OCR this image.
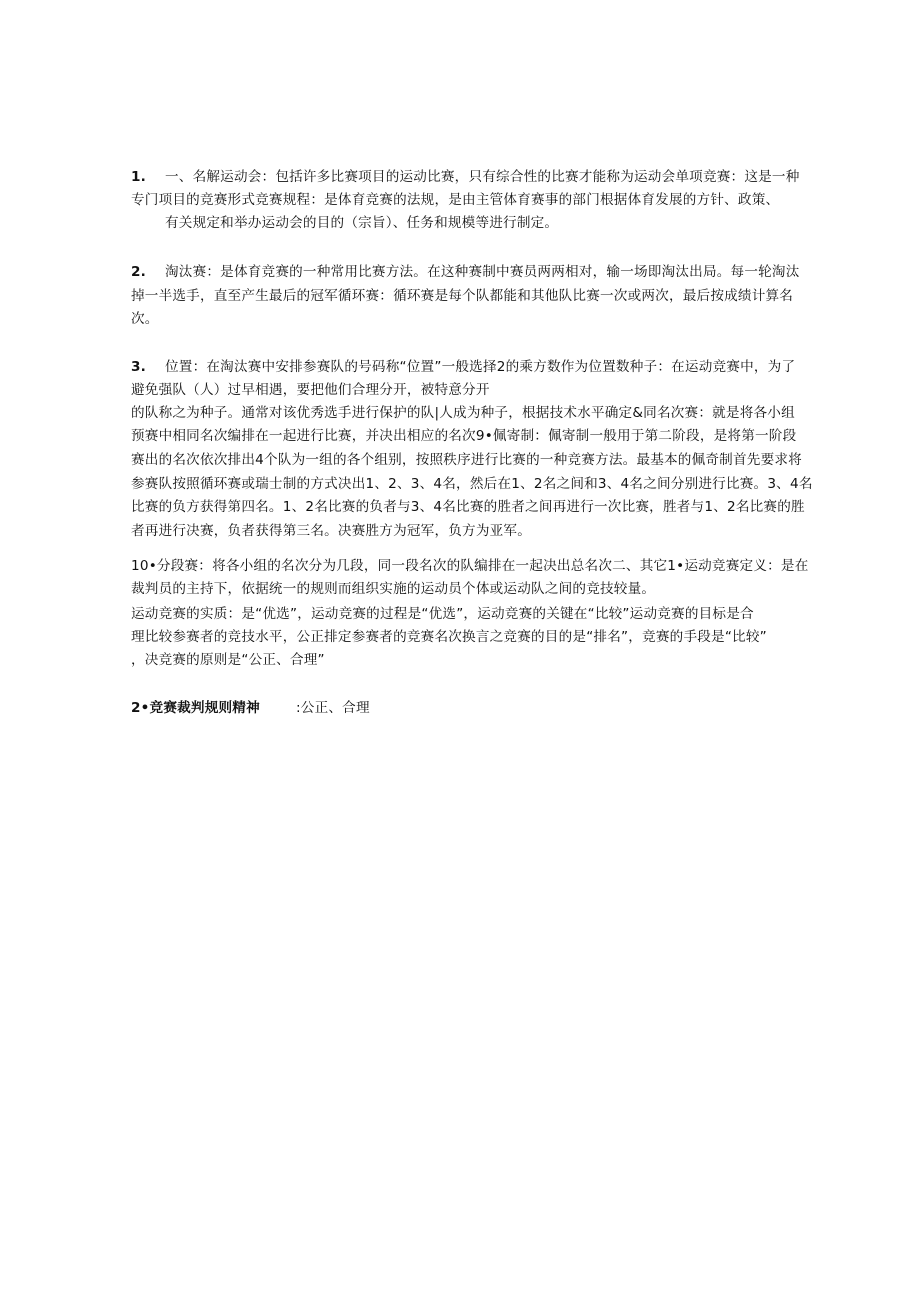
1. 一、名解运动会：包括许多比赛项目的运动比赛，只有综合性的比赛才能称为运动会单项竞赛：这是一种
专门项目的竞赛形式竞赛规程：是体育竞赛的法规，是由主管体育赛事的部门根据体育发展的方针、政策、
有关规定和举办运动会的目的（宗旨）、任务和规模等进行制定。
2. 淘汰赛：是体育竞赛的一种常用比赛方法。在这种赛制中赛员两两相对，输一场即淘汰出局。每一轮淘汰
掉一半选手，直至产生最后的冠军循环赛：循环赛是每个队都能和其他队比赛一次或两次，最后按成绩计算名
次。
3. 位置：在淘汰赛中安排参赛队的号码称“位置”一般选择2的乘方数作为位置数种子：在运动竞赛中，为了
避免强队（人）过早相遇，要把他们合理分开，被特意分开
的队称之为种子。通常对该优秀选手进行保护的队|人成为种子，根据技术水平确定&同名次赛：就是将各小组
预赛中相同名次编排在一起进行比赛，并决出相应的名次9•佩寄制：佩寄制一般用于第二阶段，是将第一阶段
赛出的名次依次排出4个队为一组的各个组别，按照秩序进行比赛的一种竞赛方法。最基本的佩奇制首先要求将
参赛队按照循环赛或瑞士制的方式决出1、2、3、4名，然后在1、2名之间和3、4名之间分别进行比赛。3、4名
比赛的负方获得第四名。1、2名比赛的负者与3、4名比赛的胜者之间再进行一次比赛，胜者与1、2名比赛的胜
者再进行决赛，负者获得第三名。决赛胜方为冠军，负方为亚军。
10•分段赛：将各小组的名次分为几段，同一段名次的队编排在一起决出总名次二、其它1•运动竞赛定义：是在
裁判员的主持下，依据统一的规则而组织实施的运动员个体或运动队之间的竞技较量。
运动竞赛的实质：是“优选”，运动竞赛的过程是“优选”，运动竞赛的关键在“比较”运动竞赛的目标是合
理比较参赛者的竞技水平，公正排定参赛者的竞赛名次换言之竞赛的目的是“排名”，竞赛的手段是“比较”
，决竞赛的原则是“公正、合理”
2•竞赛裁判规则精神	:公正、合理
